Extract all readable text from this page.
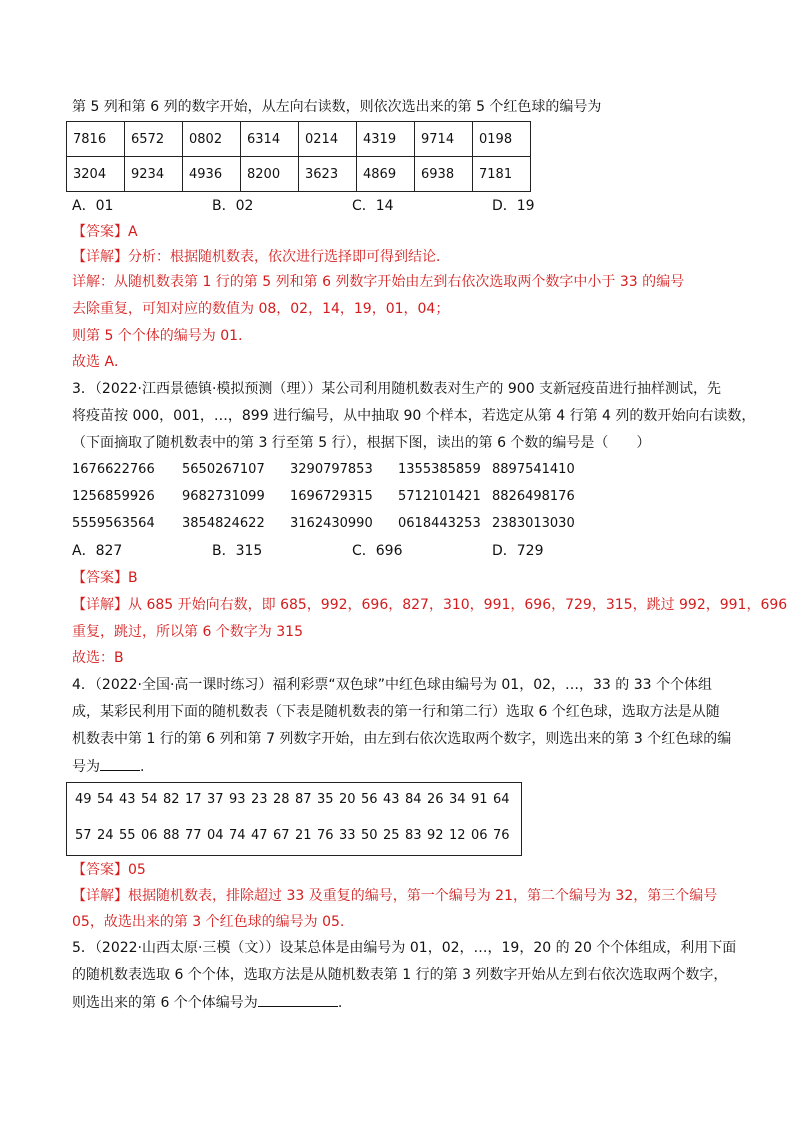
第 5 列和第 6 列的数字开始，从左向右读数，则依次选出来的第 5 个红色球的编号为
7816	6572	0802	6314	0214	4319	9714	0198
3204	9234	4936	8200	3623	4869	6938	7181
A．01	B．02	C．14	D．19
【答案】A
【详解】分析：根据随机数表，依次进行选择即可得到结论．
详解：从随机数表第 1 行的第 5 列和第 6 列数字开始由左到右依次选取两个数字中小于 33 的编号
去除重复，可知对应的数值为 08，02，14，19，01，04；
则第 5 个个体的编号为 01．
故选 A．
3．（2022·江西景德镇·模拟预测（理））某公司利用随机数表对生产的 900 支新冠疫苗进行抽样测试，先
将疫苗按 000，001，…，899 进行编号，从中抽取 90 个样本，若选定从第 4 行第 4 列的数开始向右读数，
（下面摘取了随机数表中的第 3 行至第 5 行），根据下图，读出的第 6 个数的编号是（　　）
1676622766 5650267107 3290797853 1355385859 8897541410
1256859926 9682731099 1696729315 5712101421 8826498176
5559563564 3854824622 3162430990 0618443253 2383013030
A．827	B．315	C．696	D．729
【答案】B
【详解】从 685 开始向右数，即 685，992，696，827，310，991，696，729，315，跳过 992，991，696
重复，跳过，所以第 6 个数字为 315
故选：B
4．（2022·全国·高一课时练习）福利彩票“双色球”中红色球由编号为 01，02，…，33 的 33 个个体组
成，某彩民利用下面的随机数表（下表是随机数表的第一行和第二行）选取 6 个红色球，选取方法是从随
机数表中第 1 行的第 6 列和第 7 列数字开始，由左到右依次选取两个数字，则选出来的第 3 个红色球的编
号为	.
49 54 43 54 82 17 37 93 23 28 87 35 20 56 43 84 26 34 91 64
57 24 55 06 88 77 04 74 47 67 21 76 33 50 25 83 92 12 06 76
【答案】05
【详解】根据随机数表，排除超过 33 及重复的编号，第一个编号为 21，第二个编号为 32，第三个编号
05，故选出来的第 3 个红色球的编号为 05.
5．（2022·山西太原·三模（文））设某总体是由编号为 01，02，…，19，20 的 20 个个体组成，利用下面
的随机数表选取 6 个个体，选取方法是从随机数表第 1 行的第 3 列数字开始从左到右依次选取两个数字，
则选出来的第 6 个个体编号为	.
